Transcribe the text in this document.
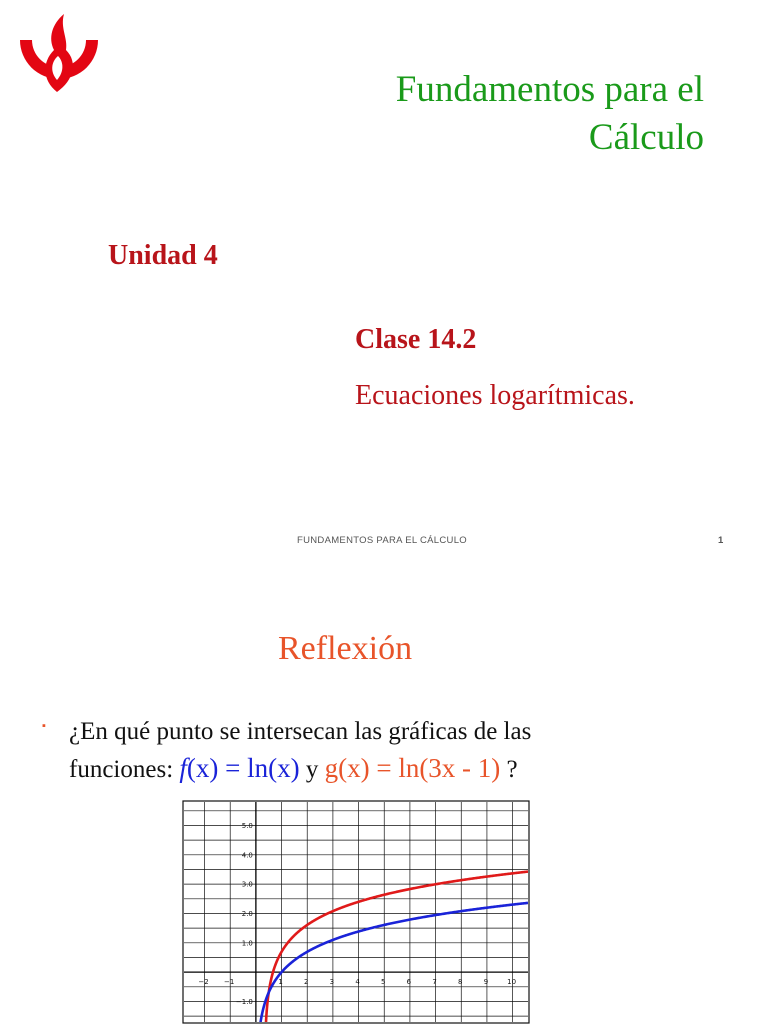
Fundamentos para el
Cálculo
Unidad 4
Clase 14.2
Ecuaciones logarítmicas.
FUNDAMENTOS PARA EL CÁLCULO	1
Reflexión
▪ ¿En qué punto se intersecan las gráficas de las
funciones: f(x) = ln(x) y g(x) = ln(3x - 1) ?
−2 −1	1	2	3	4	5	6	7	8	9	10
5.0
4.0
3.0
2.0
1.0
−1.0
